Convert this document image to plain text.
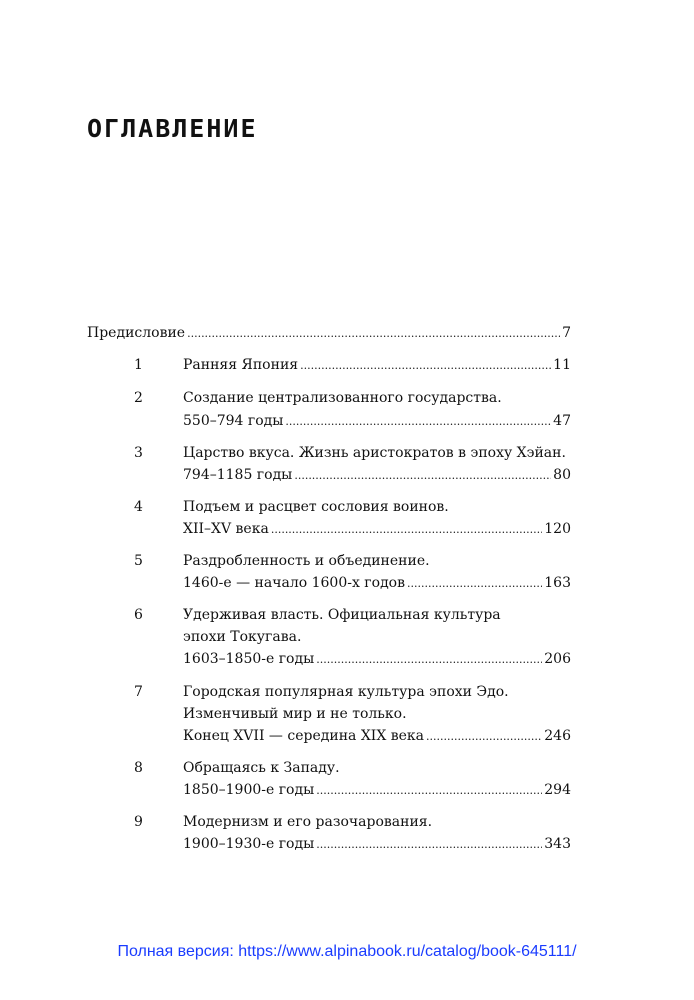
ОГЛАВЛЕНИЕ
Предисловие .....	7
1	Ранняя Япония .....	11
2	Создание централизованного государства.
550–794 годы .....	47
3	Царство вкуса. Жизнь аристократов в эпоху Хэйан.
794–1185 годы .....	80
4	Подъем и расцвет сословия воинов.
XII–XV века .....	120
5	Раздробленность и объединение.
1460-е — начало 1600-х годов .....	163
6	Удерживая власть. Официальная культура
эпохи Токугава.
1603–1850-е годы .....	206
7	Городская популярная культура эпохи Эдо.
Изменчивый мир и не только.
Конец XVII — середина XIX века .....	246
8	Обращаясь к Западу.
1850–1900-е годы .....	294
9	Модернизм и его разочарования.
1900–1930-е годы .....	343
Полная версия: https://www.alpinabook.ru/catalog/book-645111/
